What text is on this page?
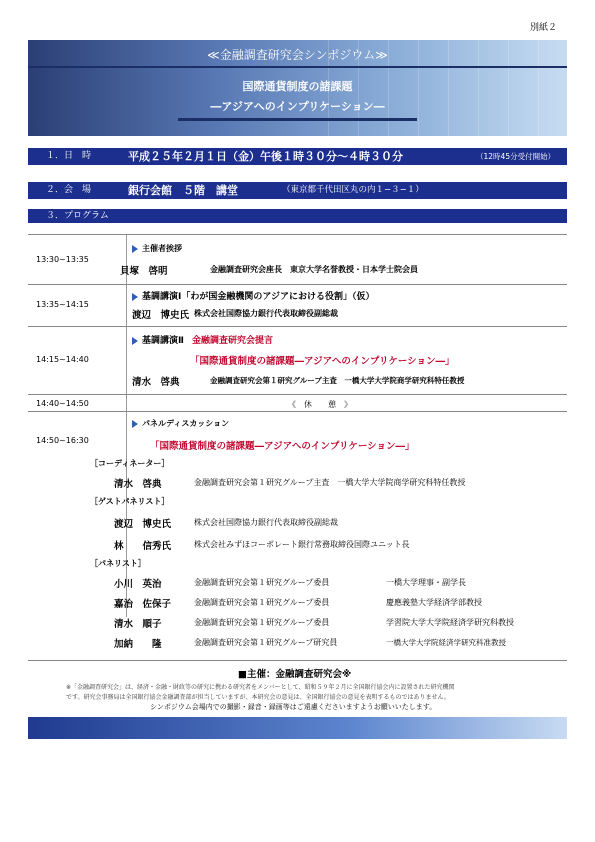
別紙２
≪金融調査研究会シンポジウム≫
国際通貨制度の諸課題
―アジアへのインプリケーション―
１．日　時	平成２５年２月１日（金）午後１時３０分～４時３０分	（12時45分受付開始）
２．会　場	銀行会館　５階　講堂	（東京都千代田区丸の内１−３−１）
３．プログラム
13:30~13:35
主催者挨拶
貝塚　啓明	金融調査研究会座長　東京大学名誉教授・日本学士院会員
13:35~14:15
基調講演Ⅰ「わが国金融機関のアジアにおける役割」（仮）
渡辺　博史氏 株式会社国際協力銀行代表取締役副総裁
14:15~14:40
基調講演Ⅱ 金融調査研究会提言
「国際通貨制度の諸課題―アジアへのインプリケーション―」
清水　啓典	金融調査研究会第１研究グループ主査　一橋大学大学院商学研究科特任教授
14:40~14:50	《　休　　憩　》
14:50~16:30
パネルディスカッション
「国際通貨制度の諸課題―アジアへのインプリケーション―」
［コーディネーター］
清水　啓典	金融調査研究会第１研究グループ主査　一橋大学大学院商学研究科特任教授
［ゲストパネリスト］
渡辺　博史氏	株式会社国際協力銀行代表取締役副総裁
林　　信秀氏	株式会社みずほコーポレート銀行常務取締役国際ユニット長
［パネリスト］
小川　英治	金融調査研究会第１研究グループ委員	一橋大学理事・副学長
嘉治　佐保子	金融調査研究会第１研究グループ委員	慶應義塾大学経済学部教授
清水　順子	金融調査研究会第１研究グループ委員	学習院大学大学院経済学研究科教授
加納　　隆	金融調査研究会第１研究グループ研究員	一橋大学大学院経済学研究科准教授
■主催：金融調査研究会※
※「金融調査研究会」は、経済・金融・財政等の研究に携わる研究者をメンバーとして、昭和５９年２月に全国銀行協会内に設置された研究機関
です。研究会事務局は全国銀行協会金融調査部が担当していますが、本研究会の意見は、全国銀行協会の意見を表明するものではありません。
シンポジウム会場内での撮影・録音・録画等はご遠慮くださいますようお願いいたします。
